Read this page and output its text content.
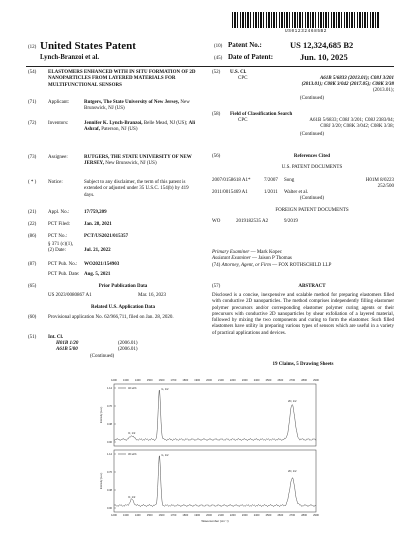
US012324685B2
(12) United States Patent
Lynch-Branzoi et al.
(10) Patent No.:	US 12,324,685 B2
(45) Date of Patent:	Jun. 10, 2025
(54) ELASTOMERS ENHANCED WITH IN SITU FORMATION OF 2D NANOPARTICLES FROM LAYERED MATERIALS FOR MULTIFUNCTIONAL SENSORS
(71) Applicant:	Rutgers, The State University of New Jersey, New Brunswick, NJ (US)
(72) Inventors:	Jennifer K. Lynch-Branzoi, Belle Mead, NJ (US); Ali Ashraf, Paterson, NJ (US)
(73) Assignee:	RUTGERS, THE STATE UNIVERSITY OF NEW JERSEY, New Brunswick, NJ (US)
( * ) Notice:	Subject to any disclaimer, the term of this patent is extended or adjusted under 35 U.S.C. 154(b) by 419 days.
(21) Appl. No.:	17/759,209
(22) PCT Filed:	Jan. 28, 2021
(86) PCT No.:	PCT/US2021/015357
§ 371 (c)(1),
(2) Date:	Jul. 21, 2022
(87) PCT Pub. No.: WO2021/154903
PCT Pub. Date: Aug. 5, 2021
(65)	Prior Publication Data
US 2023/0080867 A1	Mar. 16, 2023
Related U.S. Application Data
(60) Provisional application No. 62/966,711, filed on Jan. 28, 2020.
(51) Int. Cl.
H01B 1/20	(2006.01)
A61B 5/00	(2006.01)
(Continued)
(52) U.S. Cl.
CPC	A61B 5/6833 (2013.01); C08J 3/201
(2013.01); C08K 3/042 (2017.05); C08K 3/38
(2013.01);
(Continued)
(58) Field of Classification Search
CPC	A61B 5/6833; C08J 3/201; C08J 2383/04;
C08J 3/20; C08K 3/042; C08K 3/38;
(Continued)
(56)	References Cited
U.S. PATENT DOCUMENTS
2007/0158618 A1*	7/2007 Song	H01M 8/0223
252/500
2011/0015469 A1	1/2011 Walter et al.
(Continued)
FOREIGN PATENT DOCUMENTS
WO	2019182535 A2	9/2019
Primary Examiner — Mark Kopec
Assistant Examiner — Jaison P Thomas
(74) Attorney, Agent, or Firm — FOX ROTHSCHILD LLP
(57)	ABSTRACT
Disclosed is a concise, inexpensive and scalable method for preparing elastomers filled with conductive 2D nanoparticles. The method comprises independently filling elastomer polymer precursors and/or corresponding elastomer polymer curing agents or their precursors with conductive 2D nanoparticles by shear exfoliation of a layered material, followed by mixing the two components and curing to form the elastomer. Such filled elastomers have utility in preparing various types of sensors which are useful in a variety of practical applications and devices.
19 Claims, 5 Drawing Sheets
1200 1300 1400 1500 1600 1700 1800 1900 2000 2100 2200 2300 2400 2500 2600 2700 2800 2900
1200 1300 1400 1500 1600 1700 1800 1900 2000 2100 2200 2300 2400 2500 2600 2700 2800 2900
Wavenumber (cm⁻¹)
1.14
0.76
0.38
0.00
Intensity (a.u.)
40 wt%	G, 1/2
2D, 1/2
D, 1/2
1.14
0.76
0.38
0.00
Intensity (a.u.)
30 wt%	G, 1/2
2D, 1/2
D, 1/2
